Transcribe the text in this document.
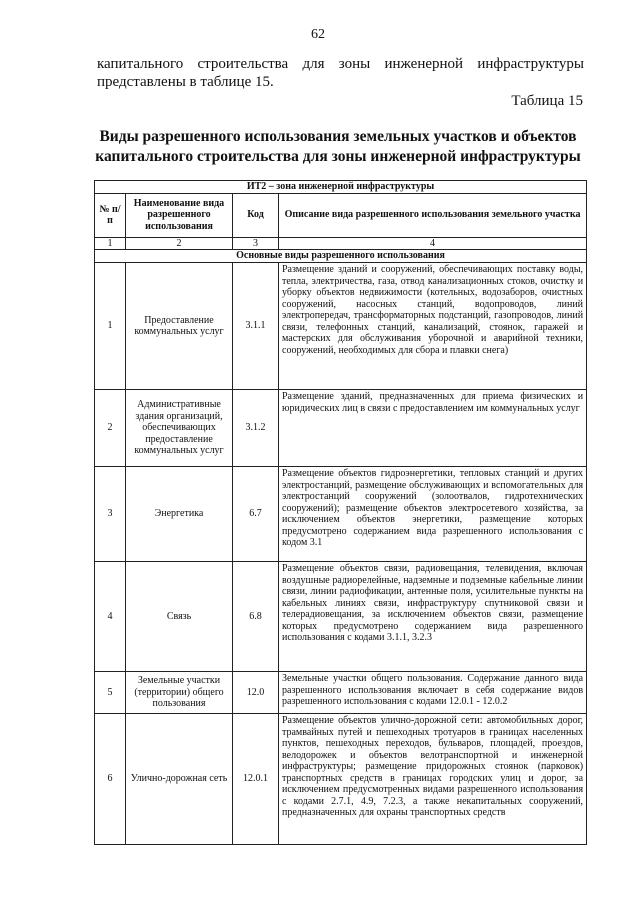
62
капитального строительства для зоны инженерной инфраструктуры
представлены в таблице 15.
Таблица 15
Виды разрешенного использования земельных участков и объектов
капитального строительства для зоны инженерной инфраструктуры
ИТ2 – зона инженерной инфраструктуры			
№ п/п	Наименование вида разрешенного использования	Код	Описание вида разрешенного использования земельного участка
1	2	3	4
Основные виды разрешенного использования			
1	Предоставление коммунальных услуг	3.1.1	Размещение зданий и сооружений, обеспечивающих поставку воды, тепла, электричества, газа, отвод канализационных стоков, очистку и уборку объектов недвижимости (котельных, водозаборов, очистных сооружений, насосных станций, водопроводов, линий электропередач, трансформаторных подстанций, газопроводов, линий связи, телефонных станций, канализаций, стоянок, гаражей и мастерских для обслуживания уборочной и аварийной техники, сооружений, необходимых для сбора и плавки снега)
2	Административные здания организаций, обеспечивающих предоставление коммунальных услуг	3.1.2	Размещение зданий, предназначенных для приема физических и юридических лиц в связи с предоставлением им коммунальных услуг
3	Энергетика	6.7	Размещение объектов гидроэнергетики, тепловых станций и других электростанций, размещение обслуживающих и вспомогательных для электростанций сооружений (золоотвалов, гидротехнических сооружений); размещение объектов электросетевого хозяйства, за исключением объектов энергетики, размещение которых предусмотрено содержанием вида разрешенного использования с кодом 3.1
4	Связь	6.8	Размещение объектов связи, радиовещания, телевидения, включая воздушные радиорелейные, надземные и подземные кабельные линии связи, линии радиофикации, антенные поля, усилительные пункты на кабельных линиях связи, инфраструктуру спутниковой связи и телерадиовещания, за исключением объектов связи, размещение которых предусмотрено содержанием вида разрешенного использования с кодами 3.1.1, 3.2.3
5	Земельные участки (территории) общего пользования	12.0	Земельные участки общего пользования. Содержание данного вида разрешенного использования включает в себя содержание видов разрешенного использования с кодами 12.0.1 - 12.0.2
6	Улично-дорожная сеть	12.0.1	Размещение объектов улично-дорожной сети: автомобильных дорог, трамвайных путей и пешеходных тротуаров в границах населенных пунктов, пешеходных переходов, бульваров, площадей, проездов, велодорожек и объектов велотранспортной и инженерной инфраструктуры; размещение придорожных стоянок (парковок) транспортных средств в границах городских улиц и дорог, за исключением предусмотренных видами разрешенного использования с кодами 2.7.1, 4.9, 7.2.3, а также некапитальных сооружений, предназначенных для охраны транспортных средств
